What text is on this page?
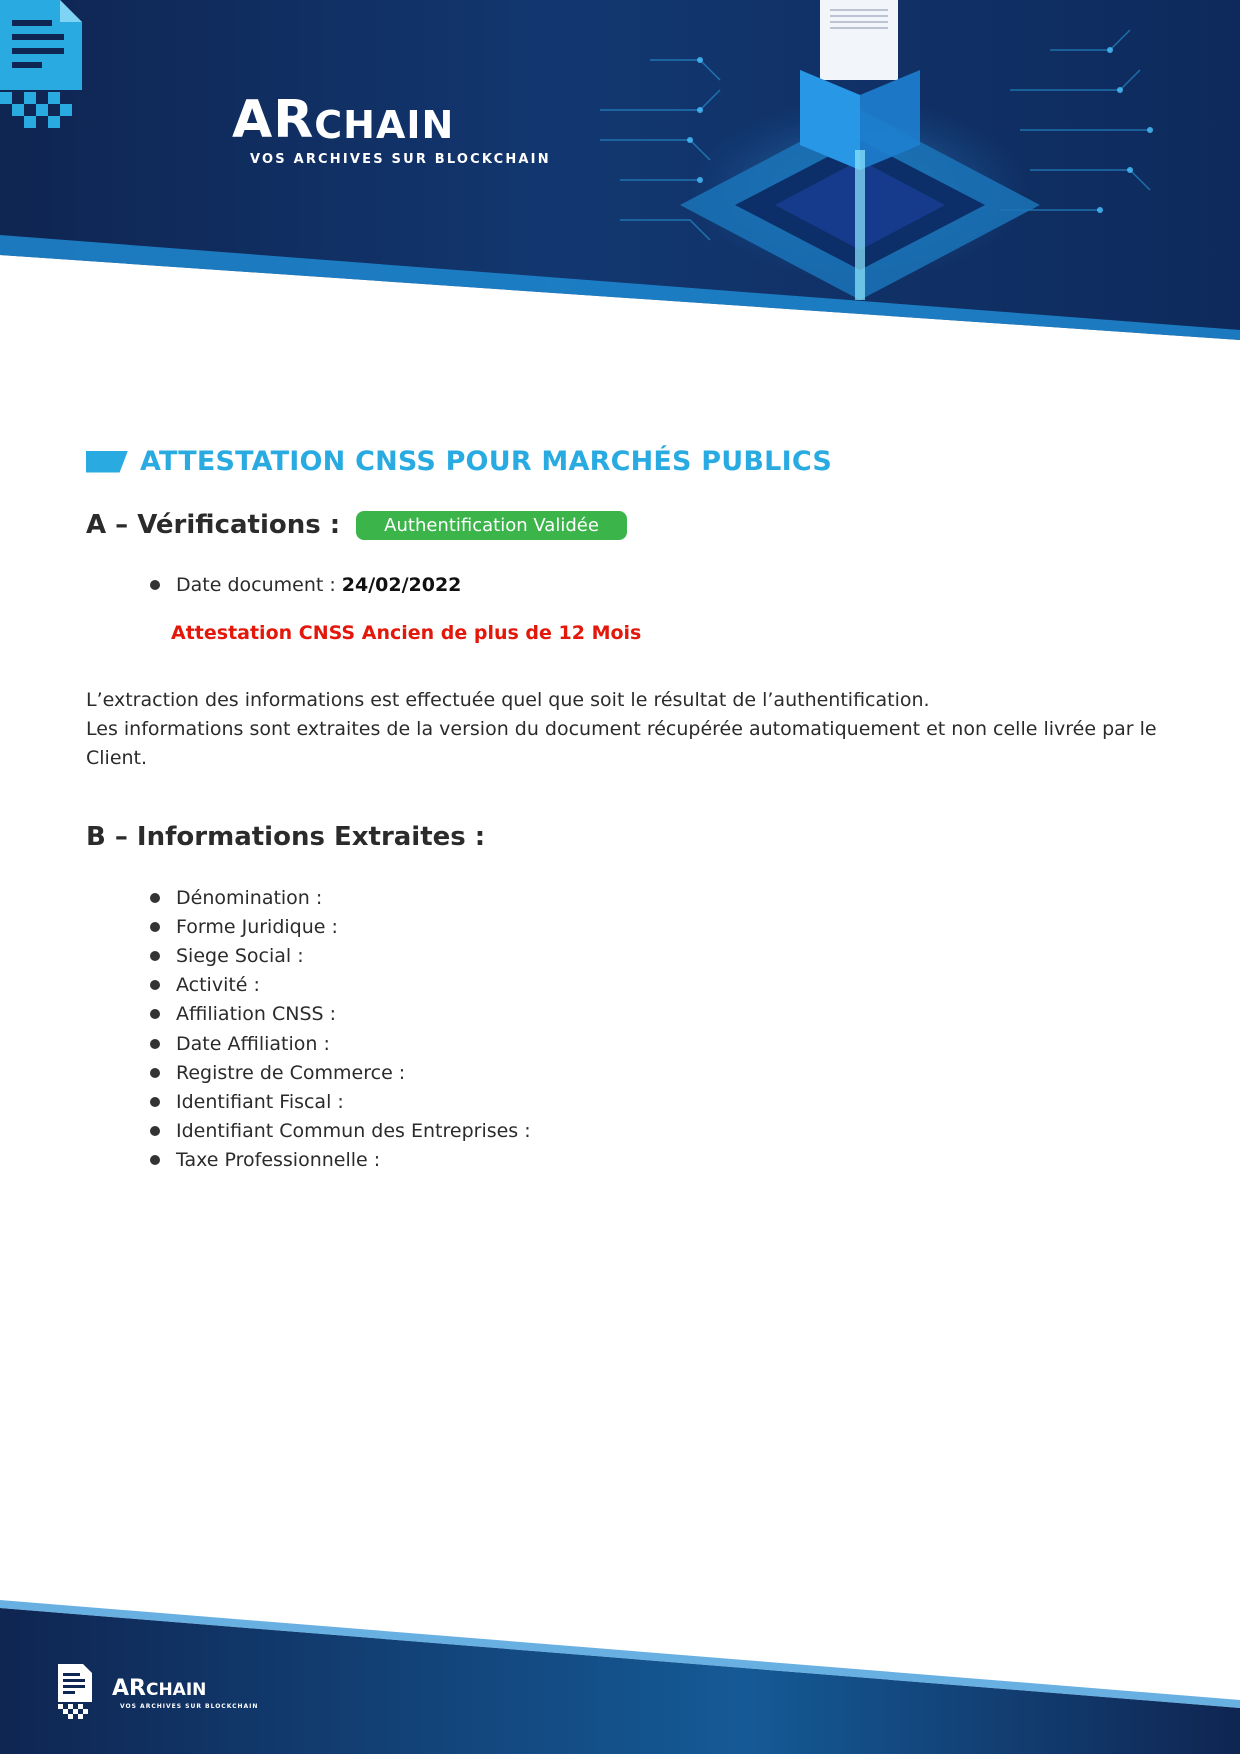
AR CHAIN
VOS ARCHIVES SUR BLOCKCHAIN
ATTESTATION CNSS POUR MARCHÉS PUBLICS
A – Vérifications :	Authentification Validée
Date document : 24/02/2022
Attestation CNSS Ancien de plus de 12 Mois

L’extraction des informations est effectuée quel que soit le résultat de l’authentification.

Les informations sont extraites de la version du document récupérée automatiquement et non celle livrée par le Client.

B – Informations Extraites :
Dénomination :
Forme Juridique :
Siege Social :
Activité :
Affiliation CNSS :
Date Affiliation :
Registre de Commerce :
Identifiant Fiscal :
Identifiant Commun des Entreprises :
Taxe Professionnelle :
ARCHAIN
VOS ARCHIVES SUR BLOCKCHAIN
